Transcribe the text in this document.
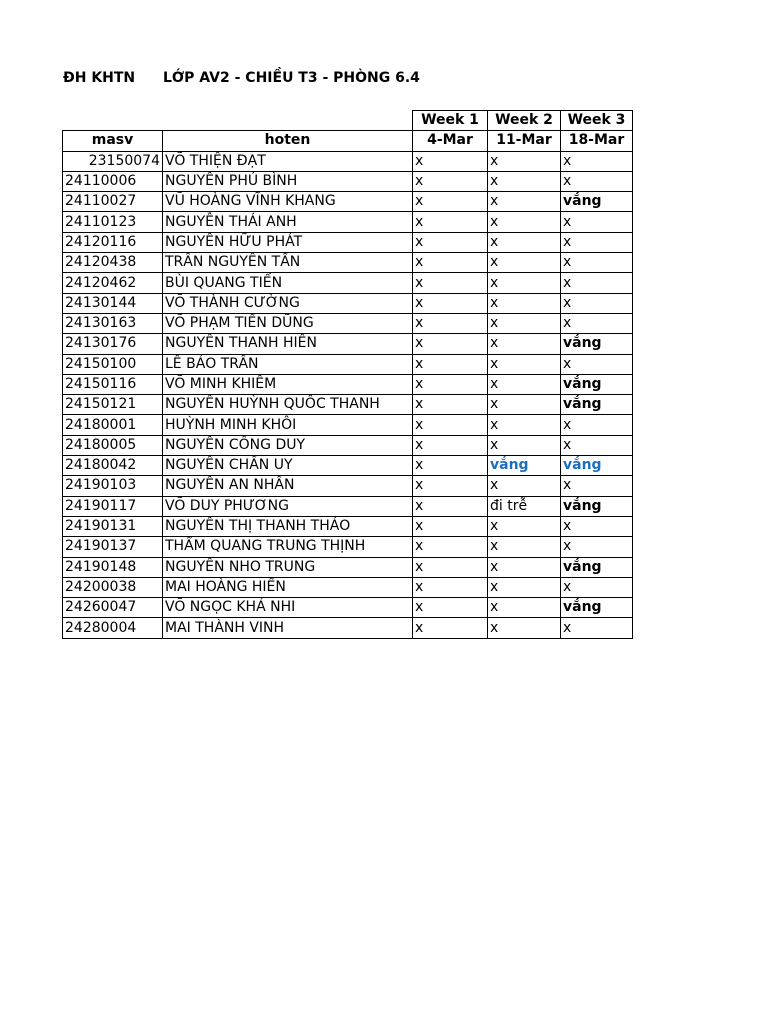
ĐH KHTN LỚP AV2 - CHIỀU T3 - PHÒNG 6.4
		Week 1	Week 2	Week 3
masv	hoten	4-Mar	11-Mar	18-Mar
23150074	VÕ THIỆN ĐẠT	x	x	x
24110006	NGUYỄN PHÚ BÌNH	x	x	x
24110027	VŨ HOÀNG VĨNH KHANG	x	x	vắng
24110123	NGUYỄN THÁI ANH	x	x	x
24120116	NGUYỄN HỮU PHÁT	x	x	x
24120438	TRẦN NGUYỄN TẤN	x	x	x
24120462	BÙI QUANG TIẾN	x	x	x
24130144	VÕ THÀNH CƯỜNG	x	x	x
24130163	VÕ PHẠM TIẾN DŨNG	x	x	x
24130176	NGUYỄN THANH HIỀN	x	x	vắng
24150100	LÊ BẢO TRÂN	x	x	x
24150116	VÕ MINH KHIÊM	x	x	vắng
24150121	NGUYỄN HUỲNH QUỐC THANH	x	x	vắng
24180001	HUỲNH MINH KHÔI	x	x	x
24180005	NGUYỄN CÔNG DUY	x	x	x
24180042	NGUYỄN CHẤN UY	x	vắng	vắng
24190103	NGUYỄN AN NHÂN	x	x	x
24190117	VÕ DUY PHƯƠNG	x	đi trễ	vắng
24190131	NGUYỄN THỊ THANH THẢO	x	x	x
24190137	THẨM QUANG TRUNG THỊNH	x	x	x
24190148	NGUYỄN NHO TRUNG	x	x	vắng
24200038	MAI HOÀNG HIỂN	x	x	x
24260047	VÕ NGỌC KHẢ NHI	x	x	vắng
24280004	MAI THÀNH VINH	x	x	x
